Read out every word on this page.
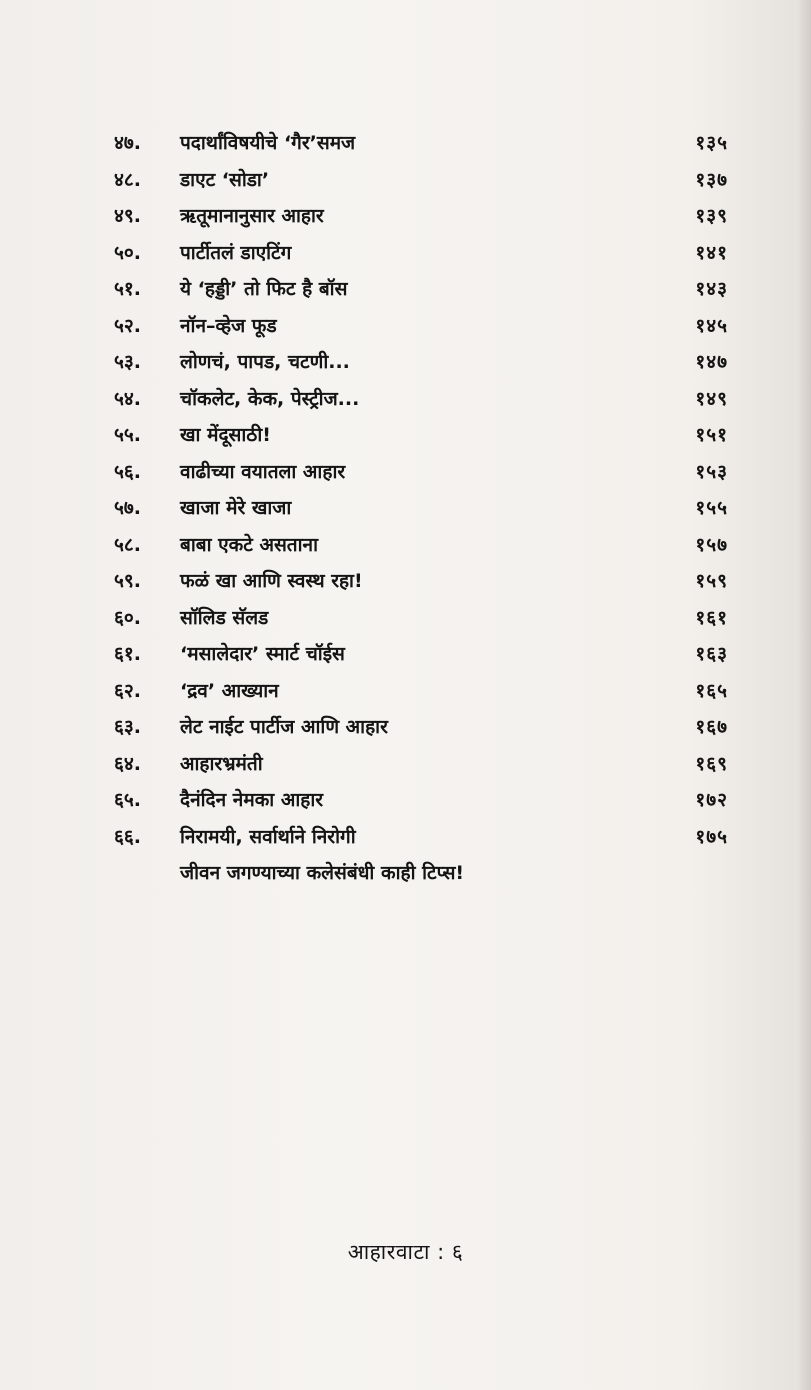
४७.	पदार्थांविषयीचे ‘गैर’समज	१३५
४८.	डाएट ‘सोडा’	१३७
४९.	ऋतूमानानुसार आहार	१३९
५०.	पार्टीतलं डाएटिंग	१४१
५१.	ये ‘हड्डी’ तो फिट है बॉस	१४३
५२.	नॉन–व्हेज फूड	१४५
५३.	लोणचं, पापड, चटणी...	१४७
५४.	चॉकलेट, केक, पेस्ट्रीज...	१४९
५५.	खा मेंदूसाठी!	१५१
५६.	वाढीच्या वयातला आहार	१५३
५७.	खाजा मेरे खाजा	१५५
५८.	बाबा एकटे असताना	१५७
५९.	फळं खा आणि स्वस्थ रहा!	१५९
६०.	सॉलिड सॅलड	१६१
६१.	‘मसालेदार’ स्मार्ट चॉईस	१६३
६२.	‘द्रव’ आख्यान	१६५
६३.	लेट नाईट पार्टीज आणि आहार	१६७
६४.	आहारभ्रमंती	१६९
६५.	दैनंदिन नेमका आहार	१७२
६६.	निरामयी, सर्वार्थाने निरोगी	१७५
जीवन जगण्याच्या कलेसंबंधी काही टिप्स!
आहारवाटा : ६
